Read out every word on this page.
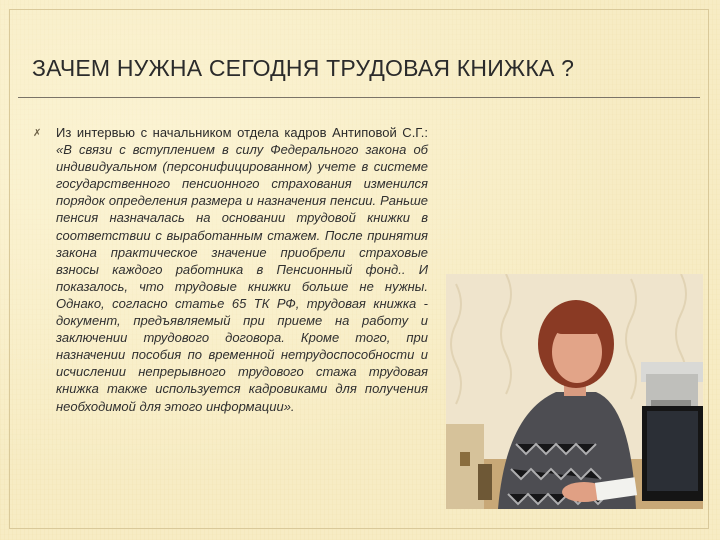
ЗАЧЕМ НУЖНА СЕГОДНЯ ТРУДОВАЯ КНИЖКА ?
✗ Из интервью с начальником отдела кадров Антиповой С.Г.: «В связи с вступлением в силу Федерального закона об индивидуальном (персонифицированном) учете в системе государственного пенсионного страхования изменился порядок определения размера и назначения пенсии. Раньше пенсия назначалась на основании трудовой книжки в соответствии с выработанным стажем. После принятия закона практическое значение приобрели страховые взносы каждого работника в Пенсионный фонд.. И показалось, что трудовые книжки больше не нужны. Однако, согласно статье 65 ТК РФ, трудовая книжка - документ, предъявляемый при приеме на работу и заключении трудового договора. Кроме того, при назначении пособия по временной нетрудоспособности и исчислении непрерывного трудового стажа трудовая книжка также используется кадровиками для получения необходимой для этого информации».
